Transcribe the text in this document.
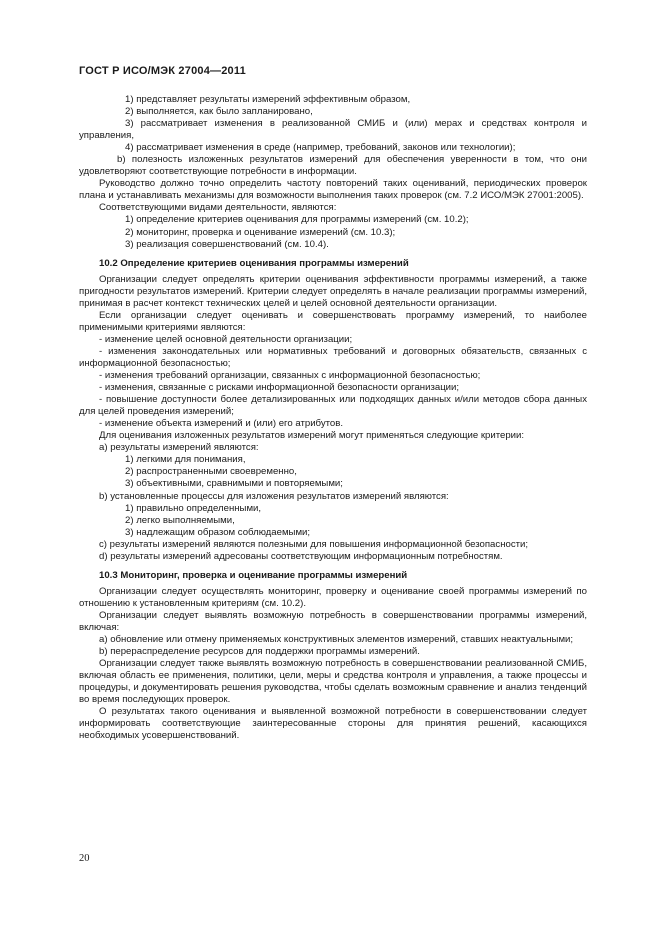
ГОСТ Р ИСО/МЭК 27004—2011

1) представляет результаты измерений эффективным образом,

2) выполняется, как было запланировано,

3) рассматривает изменения в реализованной СМИБ и (или) мерах и средствах контроля и управления,

4) рассматривает изменения в среде (например, требований, законов или технологии);

b) полезность изложенных результатов измерений для обеспечения уверенности в том, что они удовлетворяют соответствующие потребности в информации.

Руководство должно точно определить частоту повторений таких оцениваний, периодических проверок плана и устанавливать механизмы для возможности выполнения таких проверок (см. 7.2 ИСО/МЭК 27001:2005).

Соответствующими видами деятельности, являются:

1) определение критериев оценивания для программы измерений (см. 10.2);

2) мониторинг, проверка и оценивание измерений (см. 10.3);

3) реализация совершенствований (см. 10.4).

10.2 Определение критериев оценивания программы измерений

Организации следует определять критерии оценивания эффективности программы измерений, а также пригодности результатов измерений. Критерии следует определять в начале реализации программы измерений, принимая в расчет контекст технических целей и целей основной деятельности организации.

Если организации следует оценивать и совершенствовать программу измерений, то наиболее применимыми критериями являются:

- изменение целей основной деятельности организации;

- изменения законодательных или нормативных требований и договорных обязательств, связанных с информационной безопасностью;

- изменения требований организации, связанных с информационной безопасностью;

- изменения, связанные с рисками информационной безопасности организации;

- повышение доступности более детализированных или подходящих данных и/или методов сбора данных для целей проведения измерений;

- изменение объекта измерений и (или) его атрибутов.

Для оценивания изложенных результатов измерений могут применяться следующие критерии:

a) результаты измерений являются:

1) легкими для понимания,

2) распространенными своевременно,

3) объективными, сравнимыми и повторяемыми;

b) установленные процессы для изложения результатов измерений являются:

1) правильно определенными,

2) легко выполняемыми,

3) надлежащим образом соблюдаемыми;

c) результаты измерений являются полезными для повышения информационной безопасности;

d) результаты измерений адресованы соответствующим информационным потребностям.

10.3 Мониторинг, проверка и оценивание программы измерений

Организации следует осуществлять мониторинг, проверку и оценивание своей программы измерений по отношению к установленным критериям (см. 10.2).

Организации следует выявлять возможную потребность в совершенствовании программы измерений, включая:

a) обновление или отмену применяемых конструктивных элементов измерений, ставших неактуальными;

b) перераспределение ресурсов для поддержки программы измерений.

Организации следует также выявлять возможную потребность в совершенствовании реализованной СМИБ, включая область ее применения, политики, цели, меры и средства контроля и управления, а также процессы и процедуры, и документировать решения руководства, чтобы сделать возможным сравнение и анализ тенденций во время последующих проверок.

О результатах такого оценивания и выявленной возможной потребности в совершенствовании следует информировать соответствующие заинтересованные стороны для принятия решений, касающихся необходимых усовершенствований.

20
